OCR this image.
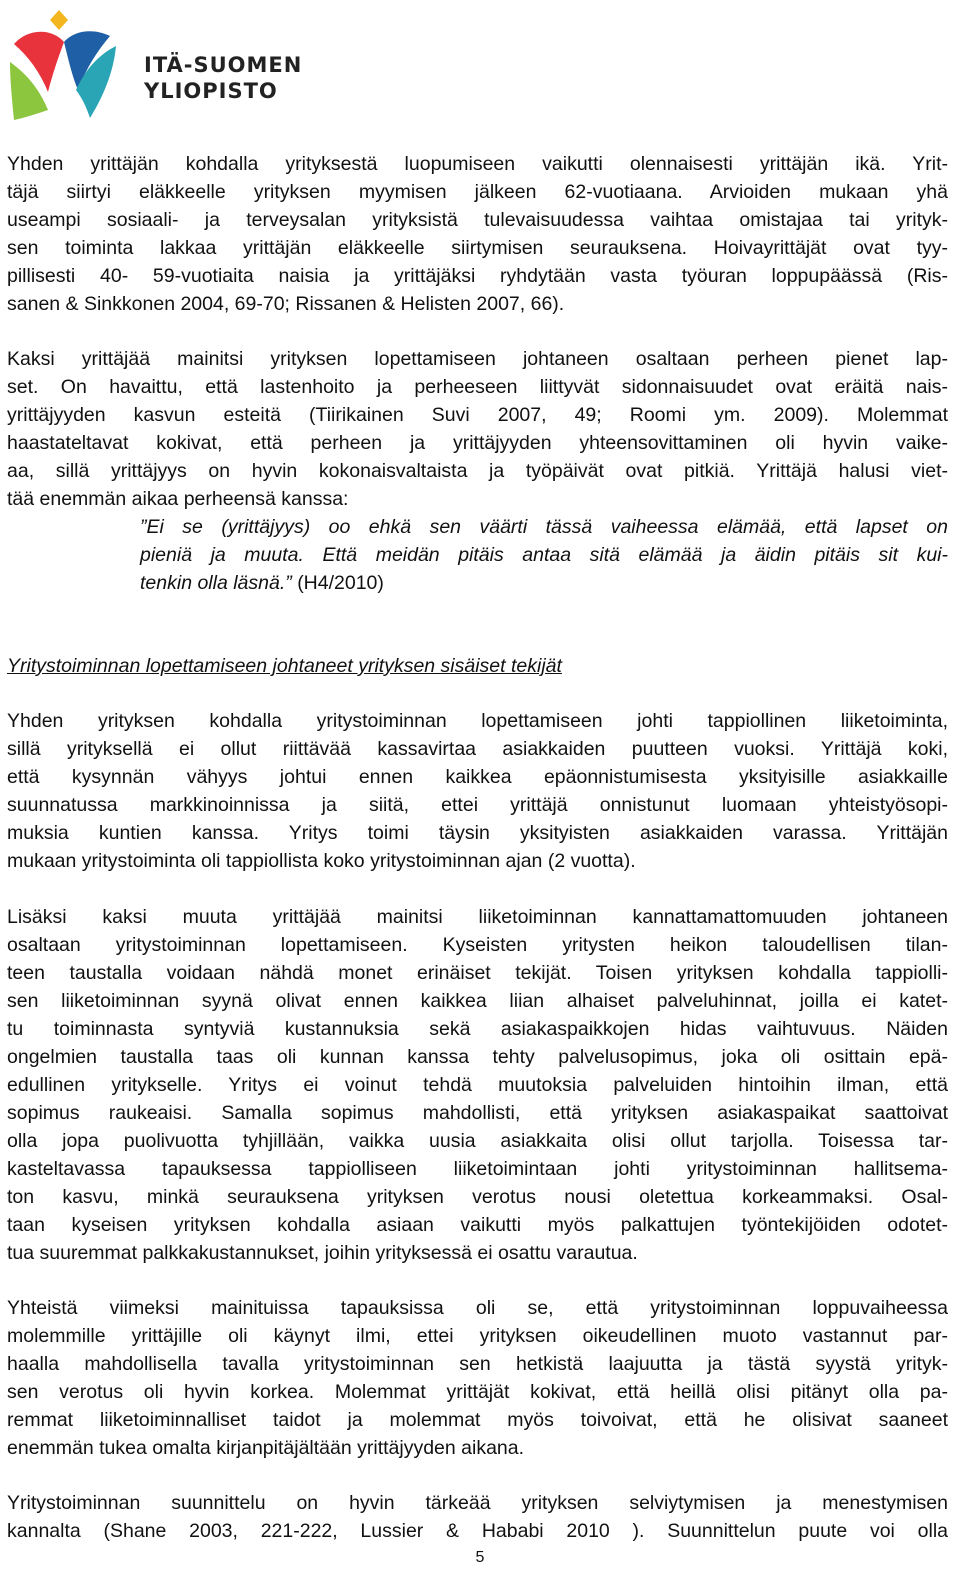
ITÄ-SUOMEN
YLIOPISTO
Yhden yrittäjän kohdalla yrityksestä luopumiseen vaikutti olennaisesti yrittäjän ikä. Yrit-
täjä siirtyi eläkkeelle yrityksen myymisen jälkeen 62-vuotiaana. Arvioiden mukaan yhä
useampi sosiaali- ja terveysalan yrityksistä tulevaisuudessa vaihtaa omistajaa tai yrityk-
sen toiminta lakkaa yrittäjän eläkkeelle siirtymisen seurauksena. Hoivayrittäjät ovat tyy-
pillisesti 40- 59-vuotiaita naisia ja yrittäjäksi ryhdytään vasta työuran loppupäässä (Ris-
sanen & Sinkkonen 2004, 69-70; Rissanen & Helisten 2007, 66).
Kaksi yrittäjää mainitsi yrityksen lopettamiseen johtaneen osaltaan perheen pienet lap-
set. On havaittu, että lastenhoito ja perheeseen liittyvät sidonnaisuudet ovat eräitä nais-
yrittäjyyden kasvun esteitä (Tiirikainen Suvi 2007, 49; Roomi ym. 2009). Molemmat
haastateltavat kokivat, että perheen ja yrittäjyyden yhteensovittaminen oli hyvin vaike-
aa, sillä yrittäjyys on hyvin kokonaisvaltaista ja työpäivät ovat pitkiä. Yrittäjä halusi viet-
tää enemmän aikaa perheensä kanssa:
”Ei se (yrittäjyys) oo ehkä sen väärti tässä vaiheessa elämää, että lapset on
pieniä ja muuta. Että meidän pitäis antaa sitä elämää ja äidin pitäis sit kui-
tenkin olla läsnä.” (H4/2010)
Yritystoiminnan lopettamiseen johtaneet yrityksen sisäiset tekijät
Yhden yrityksen kohdalla yritystoiminnan lopettamiseen johti tappiollinen liiketoiminta,
sillä yrityksellä ei ollut riittävää kassavirtaa asiakkaiden puutteen vuoksi. Yrittäjä koki,
että kysynnän vähyys johtui ennen kaikkea epäonnistumisesta yksityisille asiakkaille
suunnatussa markkinoinnissa ja siitä, ettei yrittäjä onnistunut luomaan yhteistyösopi-
muksia kuntien kanssa. Yritys toimi täysin yksityisten asiakkaiden varassa. Yrittäjän
mukaan yritystoiminta oli tappiollista koko yritystoiminnan ajan (2 vuotta).
Lisäksi kaksi muuta yrittäjää mainitsi liiketoiminnan kannattamattomuuden johtaneen
osaltaan yritystoiminnan lopettamiseen. Kyseisten yritysten heikon taloudellisen tilan-
teen taustalla voidaan nähdä monet erinäiset tekijät. Toisen yrityksen kohdalla tappiolli-
sen liiketoiminnan syynä olivat ennen kaikkea liian alhaiset palveluhinnat, joilla ei katet-
tu toiminnasta syntyviä kustannuksia sekä asiakaspaikkojen hidas vaihtuvuus. Näiden
ongelmien taustalla taas oli kunnan kanssa tehty palvelusopimus, joka oli osittain epä-
edullinen yritykselle. Yritys ei voinut tehdä muutoksia palveluiden hintoihin ilman, että
sopimus raukeaisi. Samalla sopimus mahdollisti, että yrityksen asiakaspaikat saattoivat
olla jopa puolivuotta tyhjillään, vaikka uusia asiakkaita olisi ollut tarjolla. Toisessa tar-
kasteltavassa tapauksessa tappiolliseen liiketoimintaan johti yritystoiminnan hallitsema-
ton kasvu, minkä seurauksena yrityksen verotus nousi oletettua korkeammaksi. Osal-
taan kyseisen yrityksen kohdalla asiaan vaikutti myös palkattujen työntekijöiden odotet-
tua suuremmat palkkakustannukset, joihin yrityksessä ei osattu varautua.
Yhteistä viimeksi mainituissa tapauksissa oli se, että yritystoiminnan loppuvaiheessa
molemmille yrittäjille oli käynyt ilmi, ettei yrityksen oikeudellinen muoto vastannut par-
haalla mahdollisella tavalla yritystoiminnan sen hetkistä laajuutta ja tästä syystä yrityk-
sen verotus oli hyvin korkea. Molemmat yrittäjät kokivat, että heillä olisi pitänyt olla pa-
remmat liiketoiminnalliset taidot ja molemmat myös toivoivat, että he olisivat saaneet
enemmän tukea omalta kirjanpitäjältään yrittäjyyden aikana.
Yritystoiminnan suunnittelu on hyvin tärkeää yrityksen selviytymisen ja menestymisen
kannalta (Shane 2003, 221-222, Lussier & Hababi 2010 ). Suunnittelun puute voi olla
5
